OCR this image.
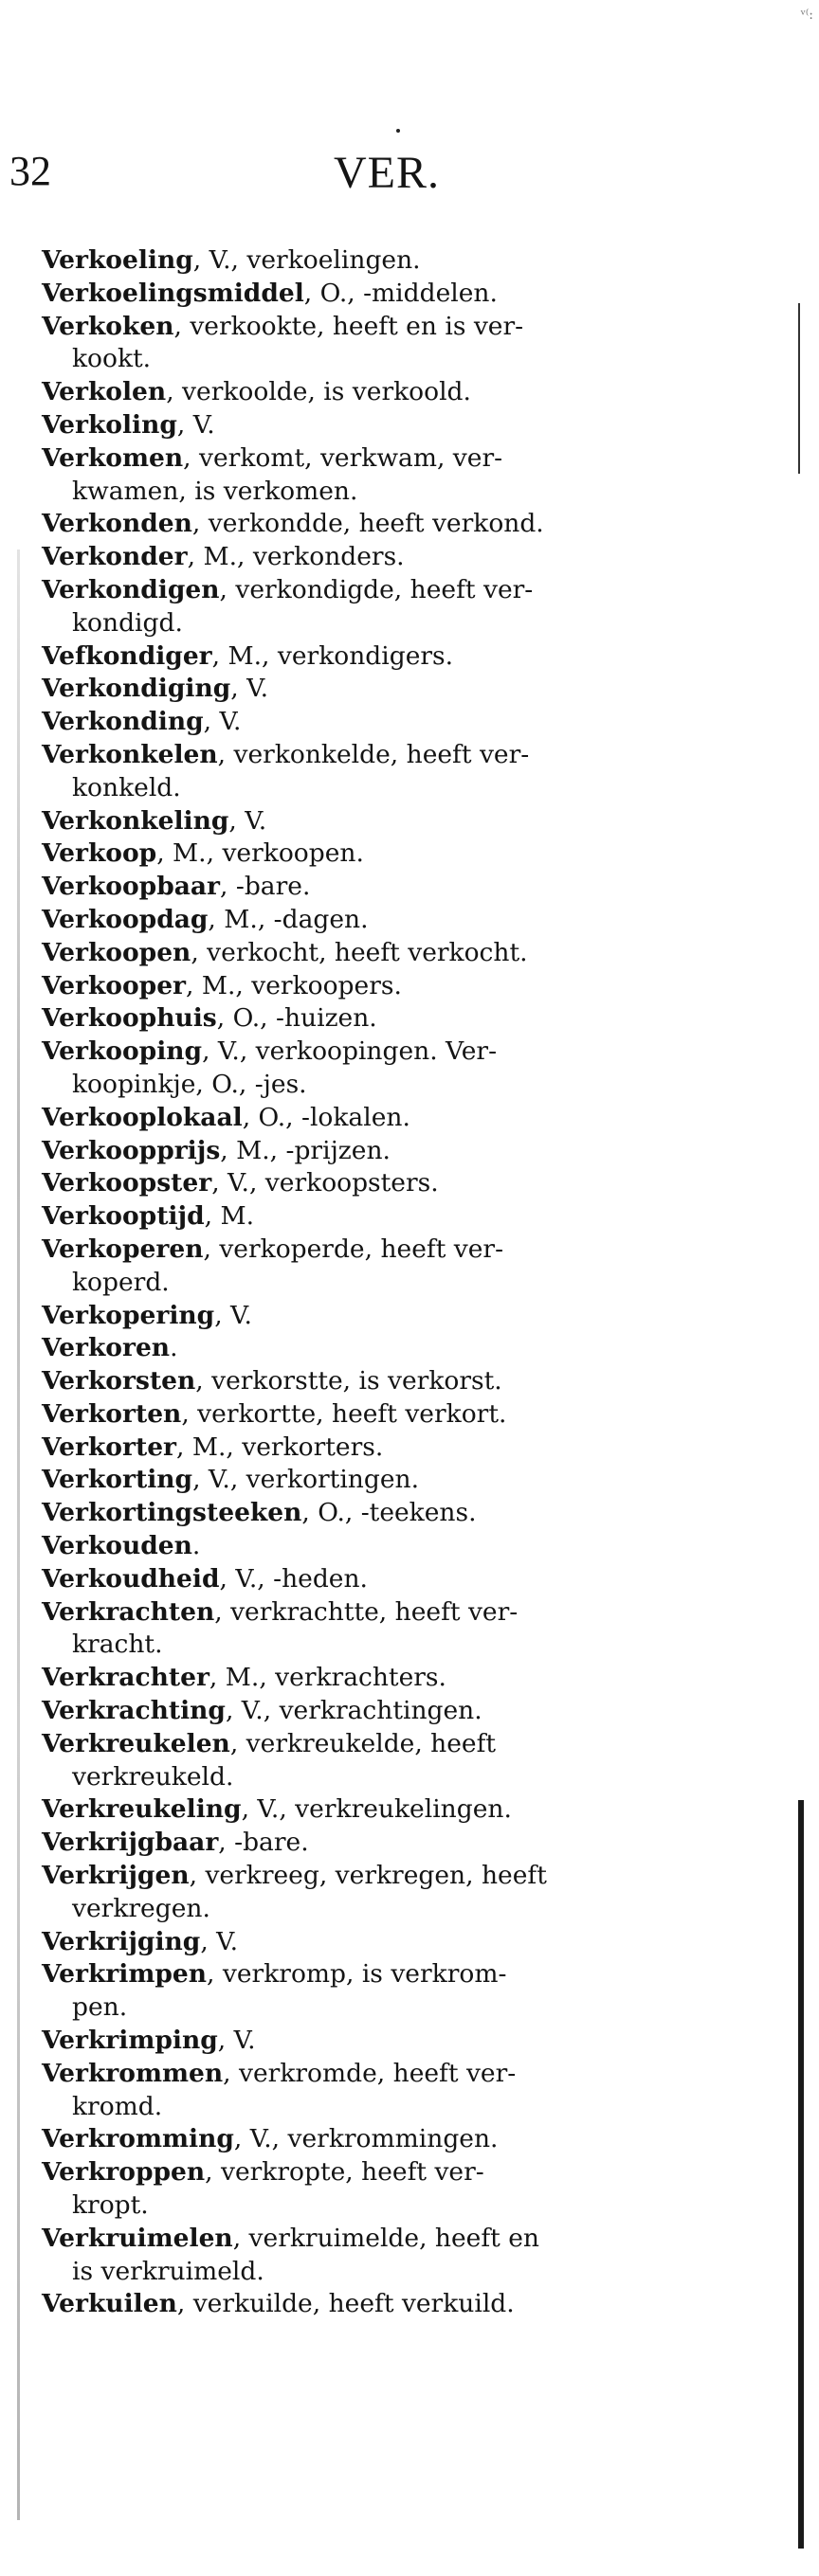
ᵛ⁽:
32	VER.
Verkoeling, V., verkoelingen.
Verkoelingsmiddel, O., -middelen.
Verkoken, verkookte, heeft en is ver-
kookt.
Verkolen, verkoolde, is verkoold.
Verkoling, V.
Verkomen, verkomt, verkwam, ver-
kwamen, is verkomen.
Verkonden, verkondde, heeft verkond.
Verkonder, M., verkonders.
Verkondigen, verkondigde, heeft ver-
kondigd.
Vefkondiger, M., verkondigers.
Verkondiging, V.
Verkonding, V.
Verkonkelen, verkonkelde, heeft ver-
konkeld.
Verkonkeling, V.
Verkoop, M., verkoopen.
Verkoopbaar, -bare.
Verkoopdag, M., -dagen.
Verkoopen, verkocht, heeft verkocht.
Verkooper, M., verkoopers.
Verkoophuis, O., -huizen.
Verkooping, V., verkoopingen. Ver-
koopinkje, O., -jes.
Verkooplokaal, O., -lokalen.
Verkoopprijs, M., -prijzen.
Verkoopster, V., verkoopsters.
Verkooptijd, M.
Verkoperen, verkoperde, heeft ver-
koperd.
Verkopering, V.
Verkoren.
Verkorsten, verkorstte, is verkorst.
Verkorten, verkortte, heeft verkort.
Verkorter, M., verkorters.
Verkorting, V., verkortingen.
Verkortingsteeken, O., -teekens.
Verkouden.
Verkoudheid, V., -heden.
Verkrachten, verkrachtte, heeft ver-
kracht.
Verkrachter, M., verkrachters.
Verkrachting, V., verkrachtingen.
Verkreukelen, verkreukelde, heeft
verkreukeld.
Verkreukeling, V., verkreukelingen.
Verkrijgbaar, -bare.
Verkrijgen, verkreeg, verkregen, heeft
verkregen.
Verkrijging, V.
Verkrimpen, verkromp, is verkrom-
pen.
Verkrimping, V.
Verkrommen, verkromde, heeft ver-
kromd.
Verkromming, V., verkrommingen.
Verkroppen, verkropte, heeft ver-
kropt.
Verkruimelen, verkruimelde, heeft en
is verkruimeld.
Verkuilen, verkuilde, heeft verkuild.
